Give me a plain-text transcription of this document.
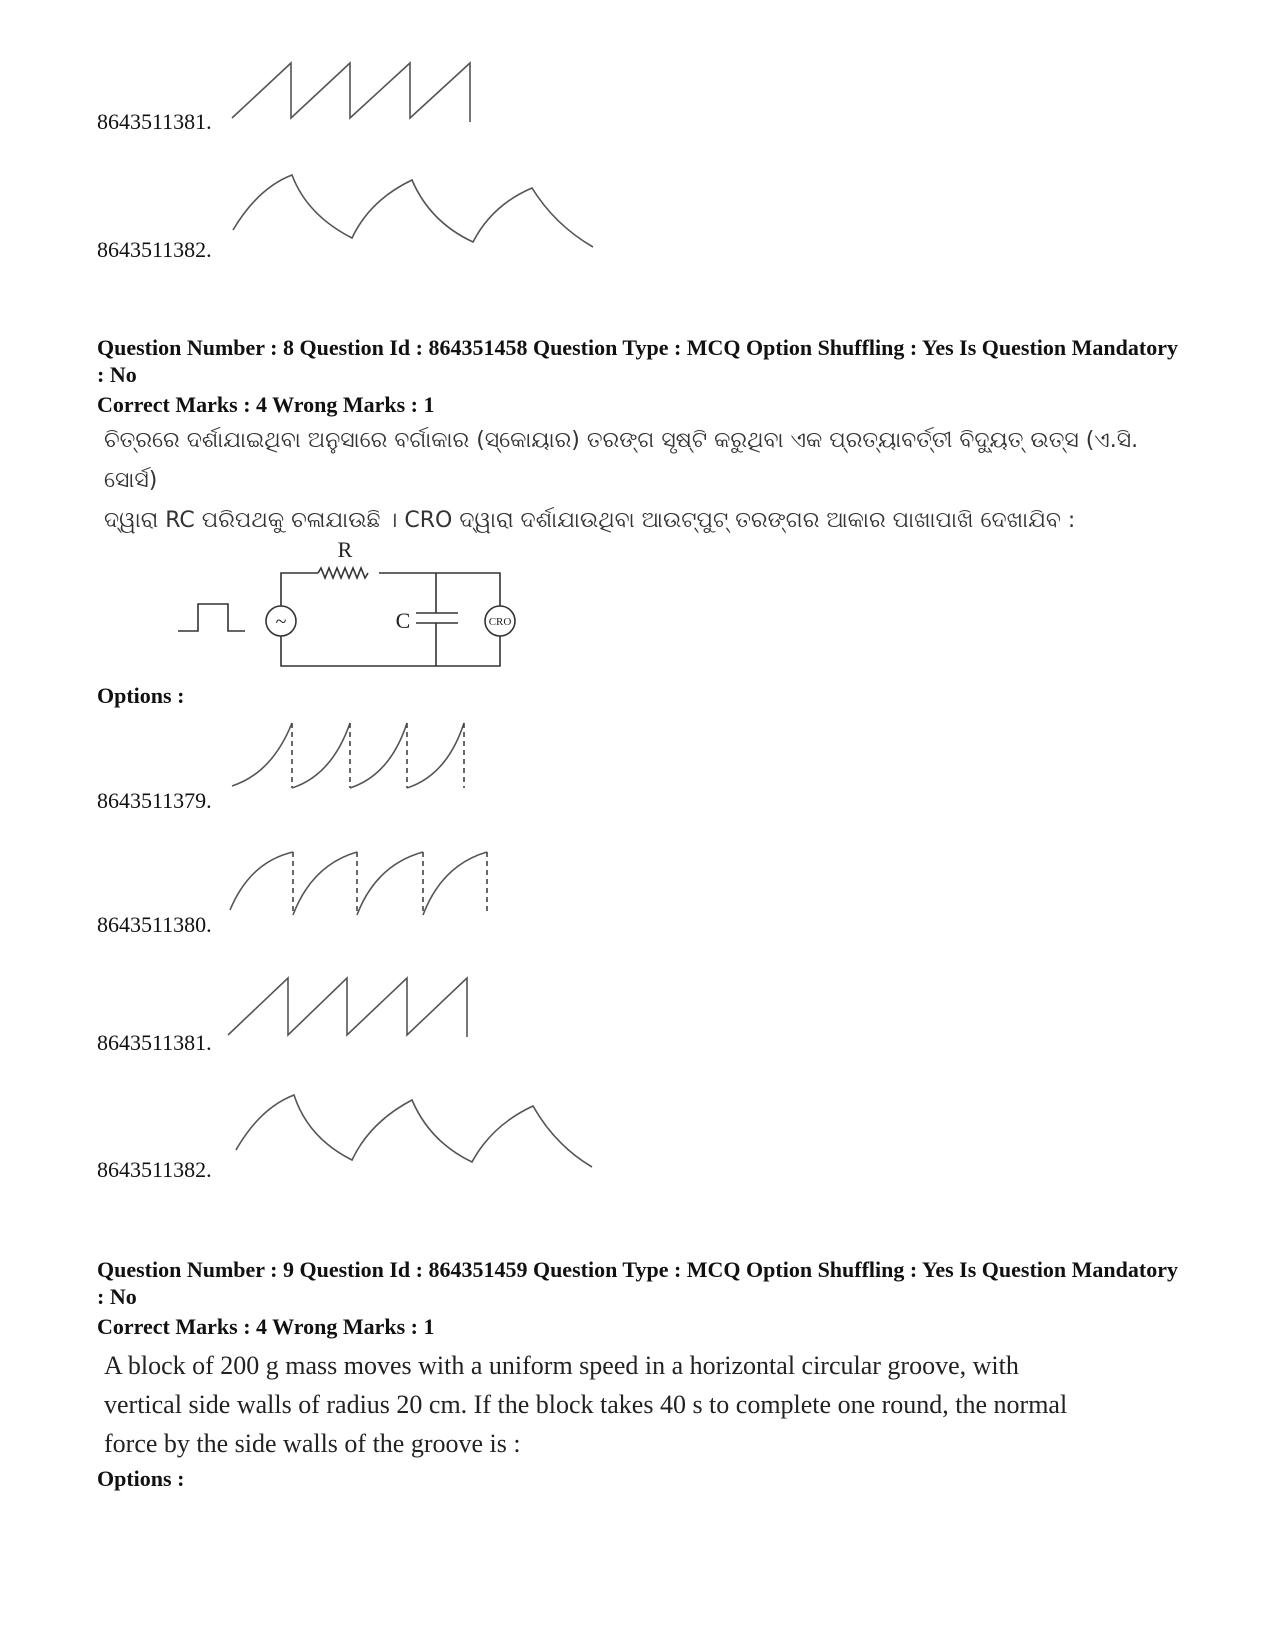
8643511381.
8643511382.
Question Number : 8 Question Id : 864351458 Question Type : MCQ Option Shuffling : Yes Is Question Mandatory : No
Correct Marks : 4 Wrong Marks : 1
ଚିତ୍ରରେ ଦର୍ଶାଯାଇଥିବା ଅନୁସାରେ ବର୍ଗାକାର (ସ୍କୋୟାର) ତରଙ୍ଗ ସୃଷ୍ଟି କରୁଥିବା ଏକ ପ୍ରତ୍ୟାବର୍ତ୍ତୀ ବିଦ୍ୟୁତ୍ ଉତ୍ସ (ଏ.ସି. ସୋର୍ସ)
ଦ୍ୱାରା RC ପରିପଥକୁ ଚଳାଯାଉଛି । CRO ଦ୍ୱାରା ଦର୍ଶାଯାଉଥିବା ଆଉଟ୍‌ପୁଟ୍ ତରଙ୍ଗର ଆକାର ପାଖାପାଖି ଦେଖାଯିବ :
~	CRO
R
C
Options :
8643511379.
8643511380.
8643511381.
8643511382.
Question Number : 9 Question Id : 864351459 Question Type : MCQ Option Shuffling : Yes Is Question Mandatory : No
Correct Marks : 4 Wrong Marks : 1
A block of 200 g mass moves with a uniform speed in a horizontal circular groove, with
vertical side walls of radius 20 cm. If the block takes 40 s to complete one round, the normal
force by the side walls of the groove is :
Options :
